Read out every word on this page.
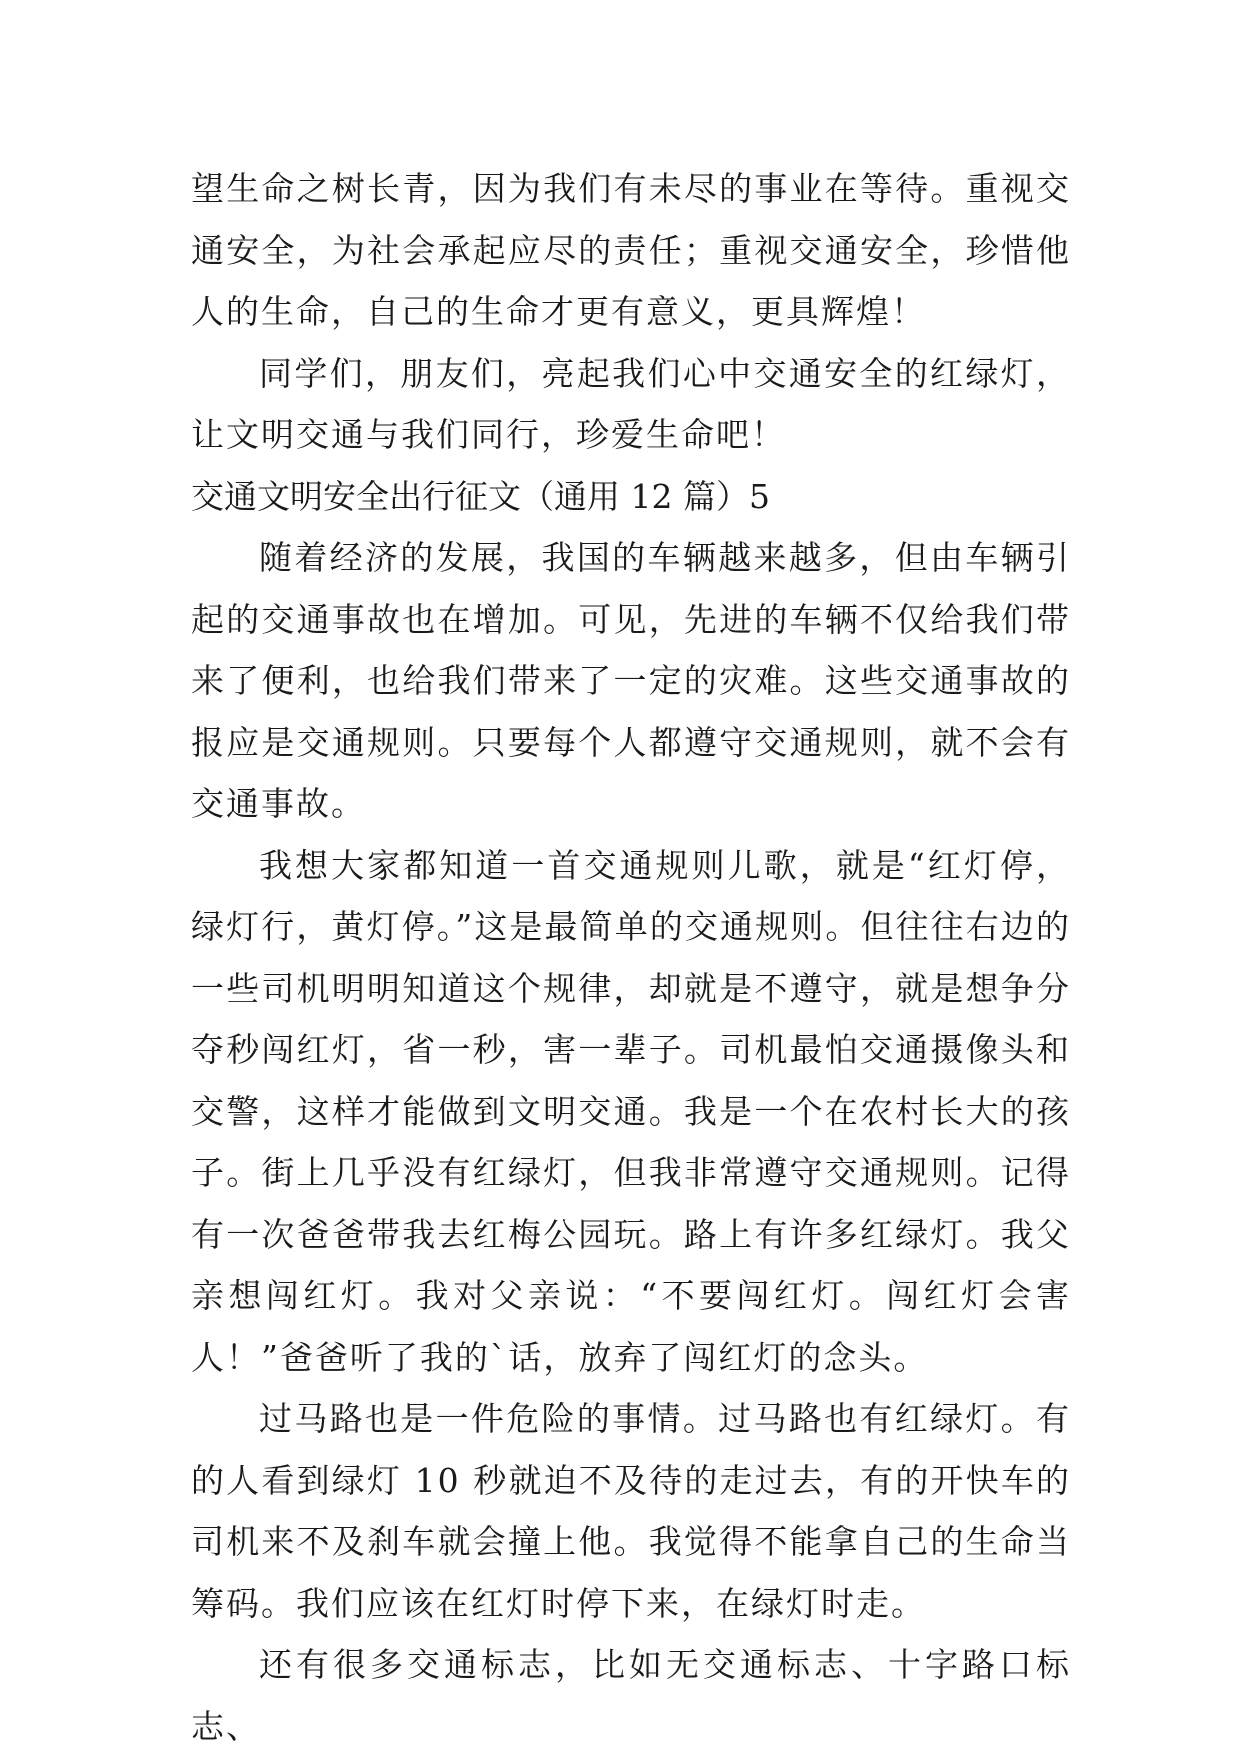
望生命之树长青，因为我们有未尽的事业在等待。重视交通安全，为社会承起应尽的责任；重视交通安全，珍惜他人的生命，自己的生命才更有意义，更具辉煌！

同学们，朋友们，亮起我们心中交通安全的红绿灯，让文明交通与我们同行，珍爱生命吧！

交通文明安全出行征文（通用 12 篇）5

随着经济的发展，我国的车辆越来越多，但由车辆引起的交通事故也在增加。可见，先进的车辆不仅给我们带来了便利，也给我们带来了一定的灾难。这些交通事故的报应是交通规则。只要每个人都遵守交通规则，就不会有交通事故。

我想大家都知道一首交通规则儿歌，就是“红灯停，绿灯行，黄灯停。”这是最简单的交通规则。但往往右边的一些司机明明知道这个规律，却就是不遵守，就是想争分夺秒闯红灯，省一秒，害一辈子。司机最怕交通摄像头和交警，这样才能做到文明交通。我是一个在农村长大的孩子。街上几乎没有红绿灯，但我非常遵守交通规则。记得有一次爸爸带我去红梅公园玩。路上有许多红绿灯。我父亲想闯红灯。我对父亲说：“不要闯红灯。闯红灯会害人！”爸爸听了我的`话，放弃了闯红灯的念头。

过马路也是一件危险的事情。过马路也有红绿灯。有的人看到绿灯 10 秒就迫不及待的走过去，有的开快车的司机来不及刹车就会撞上他。我觉得不能拿自己的生命当筹码。我们应该在红灯时停下来，在绿灯时走。

还有很多交通标志，比如无交通标志、十字路口标志、
